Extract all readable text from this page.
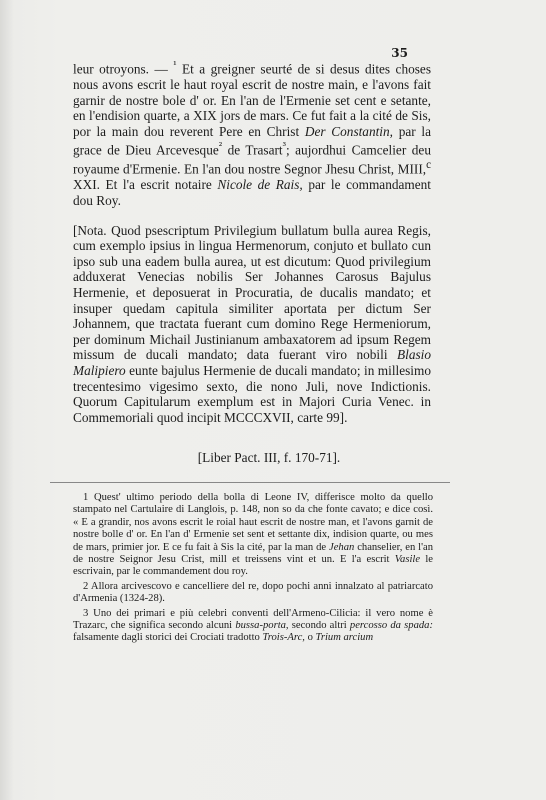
35

leur otroyons. — $^{^1}$ Et a greigner seurté de si desus dites choses nous avons escrit le haut royal escrit de nostre main, e l'avons fait garnir de nostre bole d' or. En l'an de l'Ermenie set cent e setante, en l'endision quarte, a XIX jors de mars. Ce fut fait a la cité de Sis, por la main dou reverent Pere en Christ Der Constantin, par la grace de Dieu Arcevesque$^{^2}$ de Trasart$^{^3}$; aujordhui Camcelier deu royaume d'Ermenie. En l'an dou nostre Segnor Jhesu Christ, MIII,$^c$ XXI. Et l'a escrit notaire Nicole de Rais, par le commandament dou Roy.

[Nota. Quod psescriptum Privilegium bullatum bulla aurea Regis, cum exemplo ipsius in lingua Hermenorum, conjuto et bullato cun ipso sub una eadem bulla aurea, ut est dicutum: Quod privilegium adduxerat Venecias nobilis Ser Johannes Carosus Bajulus Hermenie, et deposuerat in Procuratia, de ducalis mandato; et insuper quedam capitula similiter aportata per dictum Ser Johannem, que tractata fuerant cum domino Rege Hermeniorum, per dominum Michail Justinianum ambaxatorem ad ipsum Regem missum de ducali mandato; data fuerant viro nobili Blasio Malipiero eunte bajulus Hermenie de ducali mandato; in millesimo trecentesimo vigesimo sexto, die nono Juli, nove Indictionis. Quorum Capitularum exemplum est in Majori Curia Venec. in Commemoriali quod incipit MCCCXVII, carte 99].

[Liber Pact. III, f. 170-71].

1 Quest' ultimo periodo della bolla di Leone IV, differisce molto da quello stampato nel Cartulaire di Langlois, p. 148, non so da che fonte cavato; e dice così. « E a grandir, nos avons escrit le roial haut escrit de nostre man, et l'avons garnit de nostre bolle d' or. En l'an d' Ermenie set sent et settante dix, indision quarte, ou mes de mars, primier jor. E ce fu fait à Sis la cité, par la man de Jehan chanselier, en l'an de nostre Seignor Jesu Crist, mill et treissens vint et un. E l'a escrit Vasile le escrivain, par le commandement dou roy.

2 Allora arcivescovo e cancelliere del re, dopo pochi anni innalzato al patriarcato d'Armenia (1324-28).

3 Uno dei primari e più celebri conventi dell'Armeno-Cilicia: il vero nome è Trazarc, che significa secondo alcuni bussa-porta, secondo altri percosso da spada: falsamente dagli storici dei Crociati tradotto Trois-Arc, o Trium arcium
